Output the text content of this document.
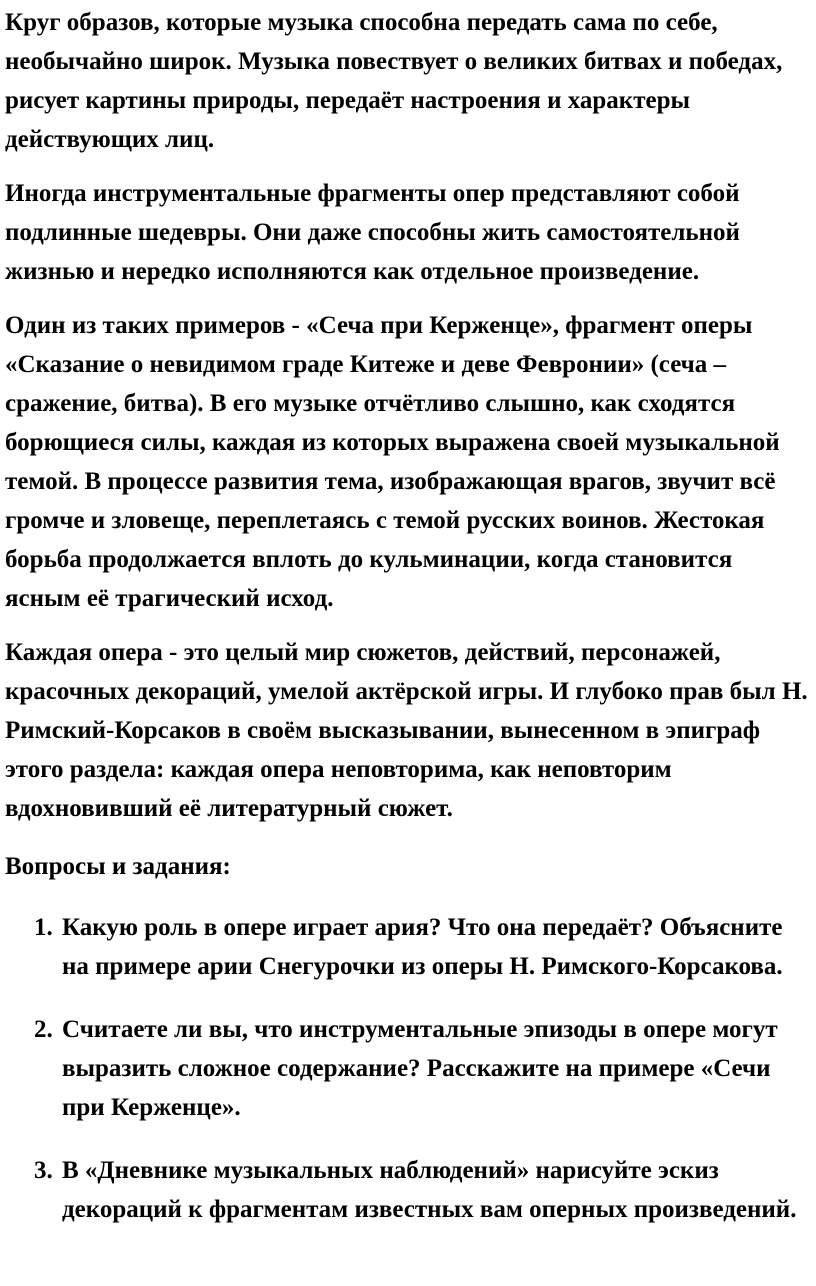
Круг образов, которые музыка способна передать сама по себе, необычайно широк. Музыка повествует о великих битвах и победах, рисует картины природы, передаёт настроения и характеры действующих лиц.

Иногда инструментальные фрагменты опер представляют собой подлинные шедевры. Они даже способны жить самостоятельной жизнью и нередко исполняются как отдельное произведение.

Один из таких примеров - «Сеча при Керженце», фрагмент оперы «Сказание о невидимом граде Китеже и деве Февронии» (сеча – сражение, битва). В его музыке отчётливо слышно, как сходятся борющиеся силы, каждая из которых выражена своей музыкальной темой. В процессе развития тема, изображающая врагов, звучит всё громче и зловеще, переплетаясь с темой русских воинов. Жестокая борьба продолжается вплоть до кульминации, когда становится ясным её трагический исход.

Каждая опера - это целый мир сюжетов, действий, персонажей, красочных декораций, умелой актёрской игры. И глубоко прав был Н. Римский-Корсаков в своём высказывании, вынесенном в эпиграф этого раздела: каждая опера неповторима, как неповторим вдохновивший её литературный сюжет.

Вопросы и задания:
1. Какую роль в опере играет ария? Что она передаёт? Объясните на примере арии Снегурочки из оперы Н. Римского-Корсакова.
2. Считаете ли вы, что инструментальные эпизоды в опере могут выразить сложное содержание? Расскажите на примере «Сечи при Керженце».
3. В «Дневнике музыкальных наблюдений» нарисуйте эскиз декораций к фрагментам известных вам оперных произведений.
